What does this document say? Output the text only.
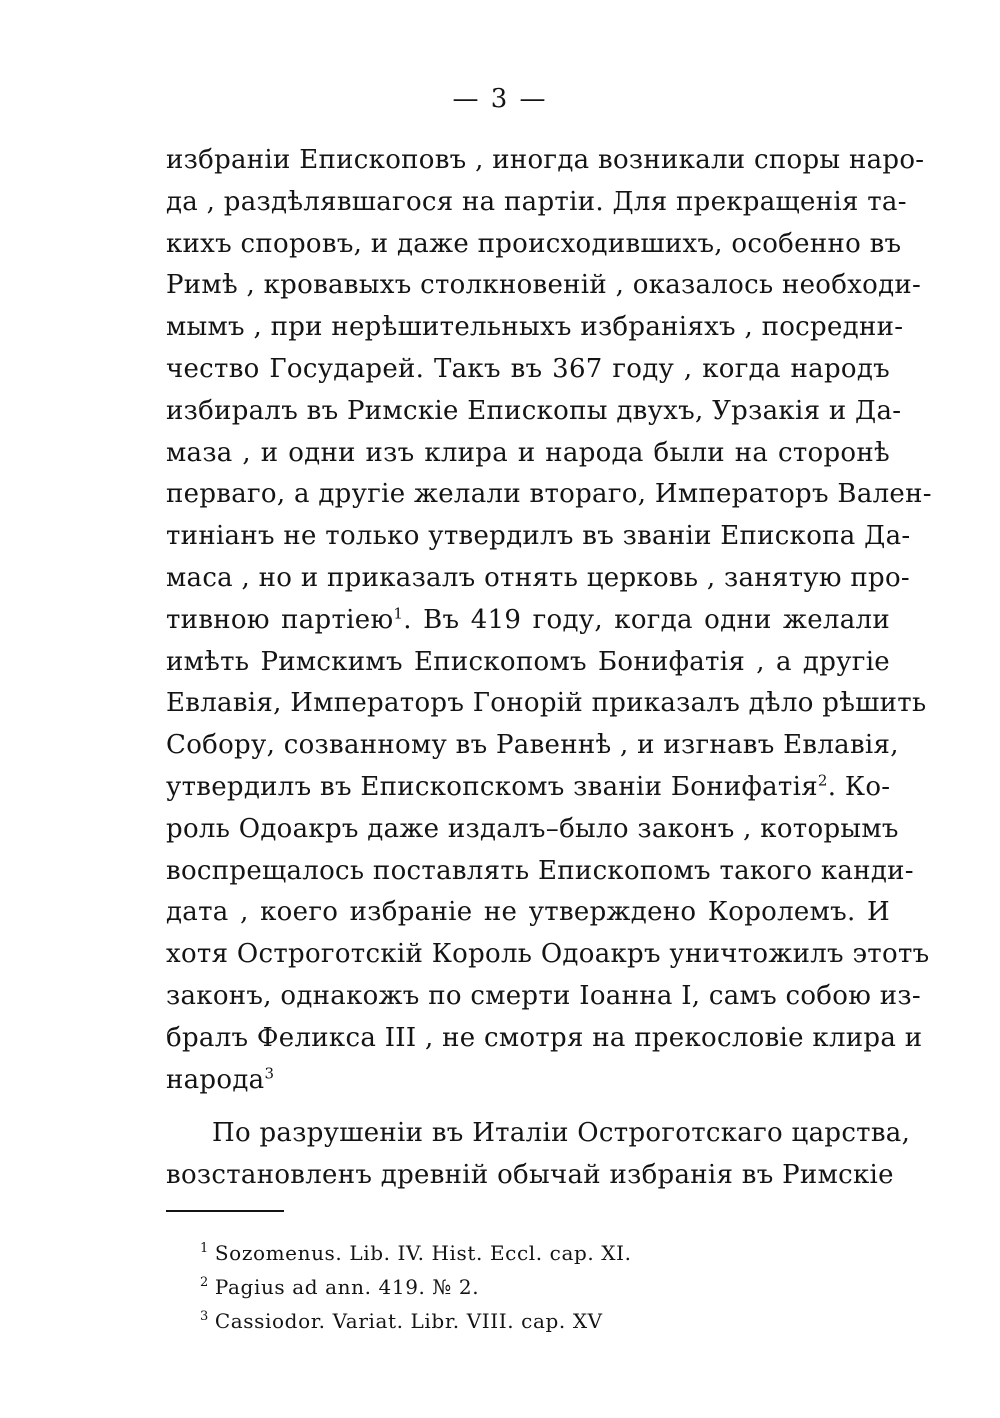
— 3 —
избраніи Епископовъ , иногда возникали споры наро-
да , раздѣлявшагося на партіи. Для прекращенія та-
кихъ споровъ, и даже происходившихъ, особенно въ
Римѣ , кровавыхъ столкновеній , оказалось необходи-
мымъ , при нерѣшительныхъ избраніяхъ , посредни-
чество Государей. Такъ въ 367 году , когда народъ
избиралъ въ Римскіе Епископы двухъ, Урзакія и Да-
маза , и одни изъ клира и народа были на сторонѣ
перваго, а другіе желали втораго, Императоръ Вален-
тиніанъ не только утвердилъ въ званіи Епископа Да-
маса , но и приказалъ отнять церковь , занятую про-
тивною партіею$^1$. Въ 419 году, когда одни желали
имѣть Римскимъ Епископомъ Бонифатія , а другіе
Евлавія, Императоръ Гонорій приказалъ дѣло рѣшить
Собору, созванному въ Равеннѣ , и изгнавъ Евлавія,
утвердилъ въ Епископскомъ званіи Бонифатія$^2$. Ко-
роль Одоакръ даже издалъ–было законъ , которымъ
воспрещалось поставлять Епископомъ такого канди-
дата , коего избраніе не утверждено Королемъ. И
хотя Остроготскій Король Одоакръ уничтожилъ этотъ
законъ, однакожъ по смерти Іоанна I, самъ собою из-
бралъ Феликса III , не смотря на прекословіе клира и
народа$^3$
По разрушеніи въ Италіи Остроготскаго царства,
возстановленъ древній обычай избранія въ Римскіе
$^1$ Sozomenus. Lib. IV. Hist. Eccl. cap. XI.
$^2$ Pagius ad ann. 419. № 2.
$^3$ Cassiodor. Variat. Libr. VIII. cap. XV
